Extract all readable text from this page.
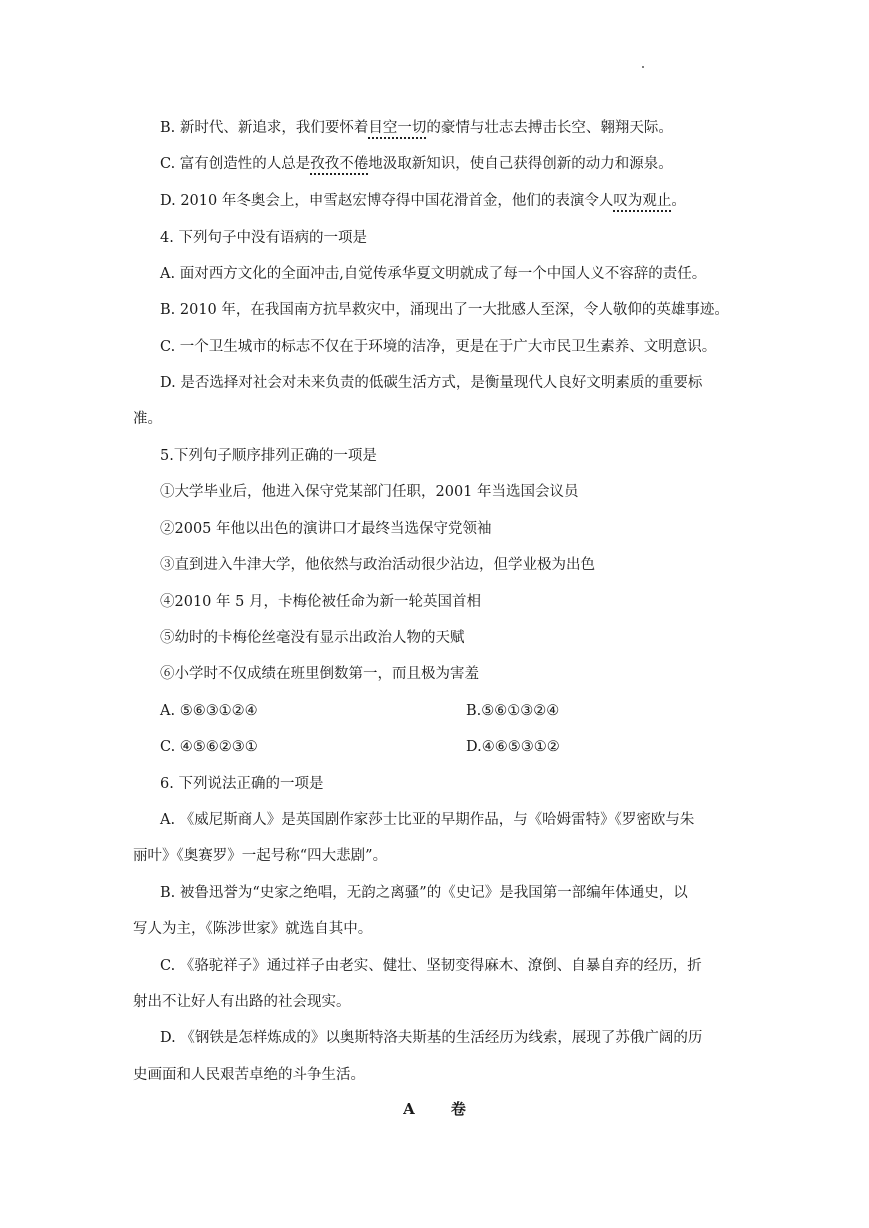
B. 新时代、新追求，我们要怀着目空一切的豪情与壮志去搏击长空、翱翔天际。
C. 富有创造性的人总是孜孜不倦地汲取新知识，使自己获得创新的动力和源泉。
D. 2010 年冬奥会上，申雪赵宏博夺得中国花滑首金，他们的表演令人叹为观止。
4. 下列句子中没有语病的一项是
A. 面对西方文化的全面冲击,自觉传承华夏文明就成了每一个中国人义不容辞的责任。
B. 2010 年，在我国南方抗旱救灾中，涌现出了一大批感人至深，令人敬仰的英雄事迹。
C. 一个卫生城市的标志不仅在于环境的洁净，更是在于广大市民卫生素养、文明意识。
D. 是否选择对社会对未来负责的低碳生活方式，是衡量现代人良好文明素质的重要标
准。
5.下列句子顺序排列正确的一项是
①大学毕业后，他进入保守党某部门任职，2001 年当选国会议员
②2005 年他以出色的演讲口才最终当选保守党领袖
③直到进入牛津大学，他依然与政治活动很少沾边，但学业极为出色
④2010 年 5 月，卡梅伦被任命为新一轮英国首相
⑤幼时的卡梅伦丝毫没有显示出政治人物的天赋
⑥小学时不仅成绩在班里倒数第一，而且极为害羞
A. ⑤⑥③①②④	B.⑤⑥①③②④
C. ④⑤⑥②③①	D.④⑥⑤③①②
6. 下列说法正确的一项是
A. 《威尼斯商人》是英国剧作家莎士比亚的早期作品，与《哈姆雷特》《罗密欧与朱
丽叶》《奥赛罗》一起号称“四大悲剧”。
B. 被鲁迅誉为“史家之绝唱，无韵之离骚”的《史记》是我国第一部编年体通史，以
写人为主，《陈涉世家》就选自其中。
C. 《骆驼祥子》通过祥子由老实、健壮、坚韧变得麻木、潦倒、自暴自弃的经历，折
射出不让好人有出路的社会现实。
D. 《钢铁是怎样炼成的》以奥斯特洛夫斯基的生活经历为线索，展现了苏俄广阔的历
史画面和人民艰苦卓绝的斗争生活。
A 卷
